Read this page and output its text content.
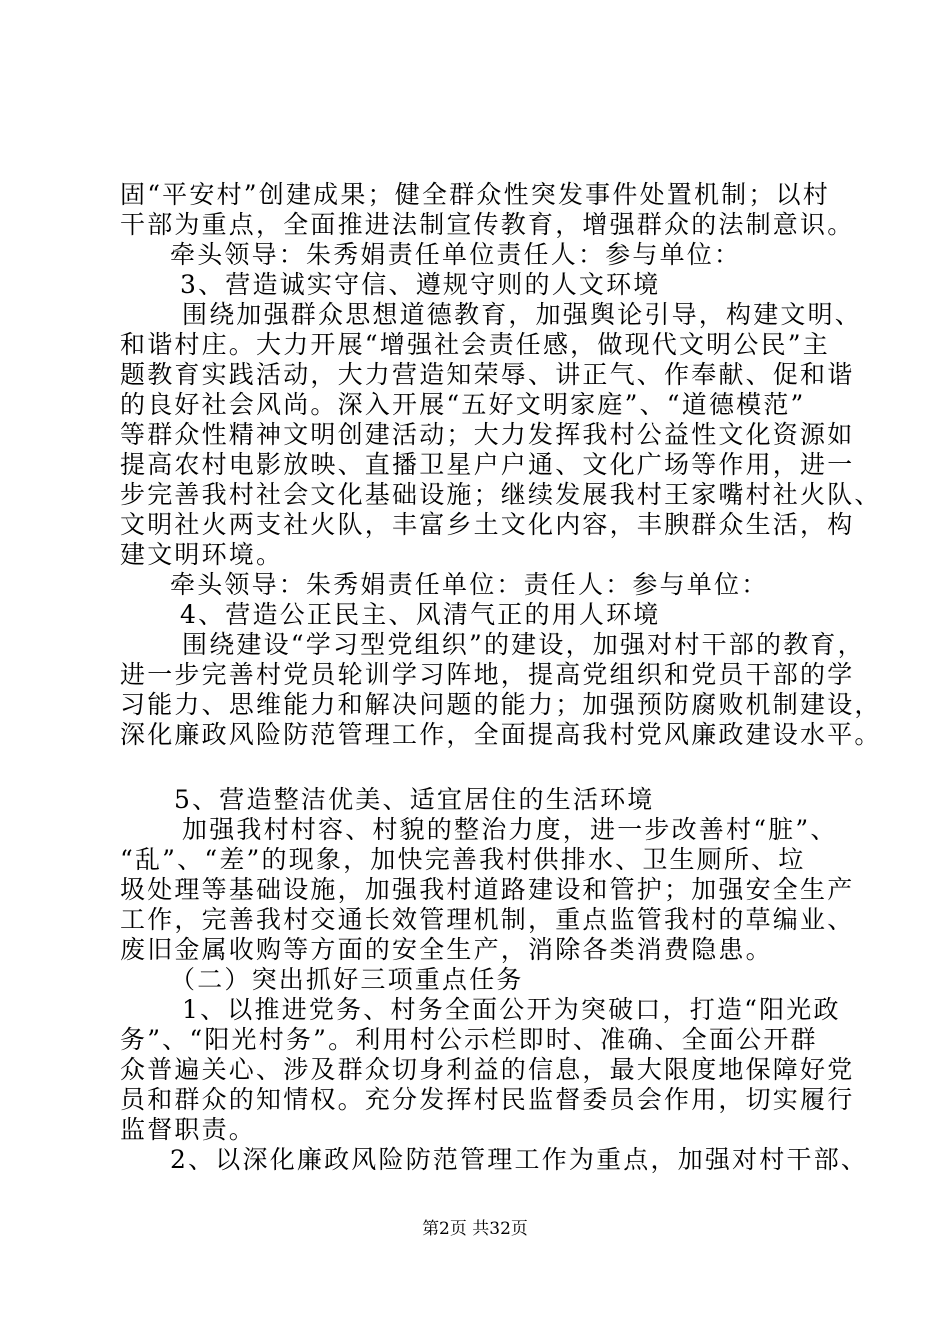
固“平安村”创建成果；健全群众性突发事件处置机制；以村
干部为重点，全面推进法制宣传教育，增强群众的法制意识。
牵头领导：朱秀娟责任单位责任人：参与单位：
3、营造诚实守信、遵规守则的人文环境
围绕加强群众思想道德教育，加强舆论引导，构建文明、
和谐村庄。大力开展“增强社会责任感，做现代文明公民”主
题教育实践活动，大力营造知荣辱、讲正气、作奉献、促和谐
的良好社会风尚。深入开展“五好文明家庭”、“道德模范”
等群众性精神文明创建活动；大力发挥我村公益性文化资源如
提高农村电影放映、直播卫星户户通、文化广场等作用，进一
步完善我村社会文化基础设施；继续发展我村王家嘴村社火队、
文明社火两支社火队，丰富乡土文化内容，丰腴群众生活，构
建文明环境。
牵头领导：朱秀娟责任单位：责任人：参与单位：
4、营造公正民主、风清气正的用人环境
围绕建设“学习型党组织”的建设，加强对村干部的教育，
进一步完善村党员轮训学习阵地，提高党组织和党员干部的学
习能力、思维能力和解决问题的能力；加强预防腐败机制建设，
深化廉政风险防范管理工作，全面提高我村党风廉政建设水平。
5、营造整洁优美、适宜居住的生活环境
加强我村村容、村貌的整治力度，进一步改善村“脏”、
“乱”、“差”的现象，加快完善我村供排水、卫生厕所、垃
圾处理等基础设施，加强我村道路建设和管护；加强安全生产
工作，完善我村交通长效管理机制，重点监管我村的草编业、
废旧金属收购等方面的安全生产，消除各类消费隐患。
（二）突出抓好三项重点任务
1、以推进党务、村务全面公开为突破口，打造“阳光政
务”、“阳光村务”。利用村公示栏即时、准确、全面公开群
众普遍关心、涉及群众切身利益的信息，最大限度地保障好党
员和群众的知情权。充分发挥村民监督委员会作用，切实履行
监督职责。
2、以深化廉政风险防范管理工作为重点，加强对村干部、
第2页 共32页
